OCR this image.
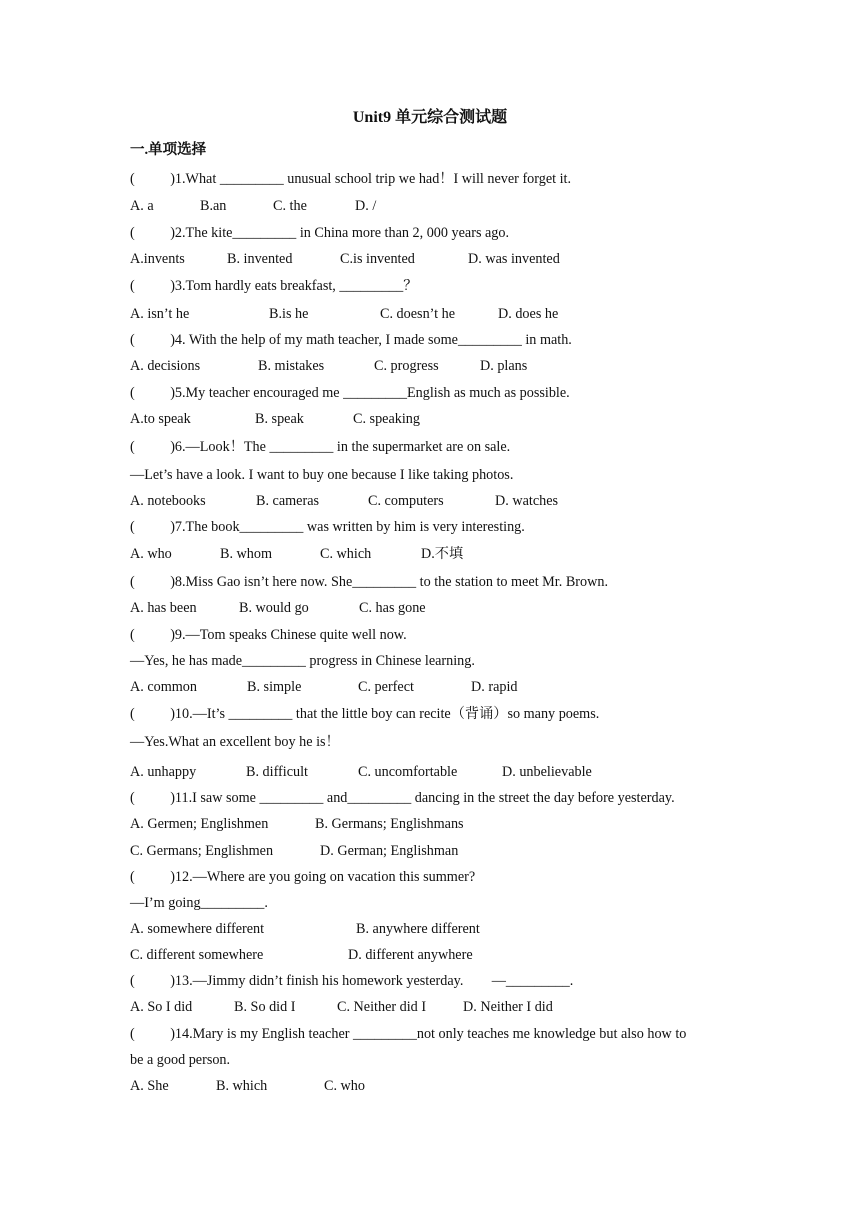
Unit9 单元综合测试题
一.单项选择
(          )1.What _________ unusual school trip we had！I will never forget it.
A. a	B.an	C. the	D. /
(          )2.The kite_________ in China more than 2, 000 years ago.
A.invents	B. invented	C.is invented	D. was invented
(          )3.Tom hardly eats breakfast, _________？
A. isn’t he	B.is he	C. doesn’t he	D. does he
(          )4. With the help of my math teacher, I made some_________ in math.
A. decisions	B. mistakes	C. progress	D. plans
(          )5.My teacher encouraged me _________English as much as possible.
A.to speak	B. speak	C. speaking
(          )6.—Look！The _________ in the supermarket are on sale.
—Let’s have a look. I want to buy one because I like taking photos.
A. notebooks	B. cameras	C. computers	D. watches
(          )7.The book_________ was written by him is very interesting.
A. who	B. whom	C. which	D.不填
(          )8.Miss Gao isn’t here now. She_________ to the station to meet Mr. Brown.
A. has been	B. would go	C. has gone
(          )9.—Tom speaks Chinese quite well now.
—Yes, he has made_________ progress in Chinese learning.
A. common	B. simple	C. perfect	D. rapid
(          )10.—It’s _________ that the little boy can recite（背诵）so many poems.
—Yes.What an excellent boy he is！
A. unhappy	B. difficult	C. uncomfortable	D. unbelievable
(          )11.I saw some _________ and_________ dancing in the street the day before yesterday.
A. Germen; Englishmen	B. Germans; Englishmans
C. Germans; Englishmen	D. German; Englishman
(          )12.—Where are you going on vacation this summer?
—I’m going_________.
A. somewhere different	B. anywhere different
C. different somewhere	D. different anywhere
(          )13.—Jimmy didn’t finish his homework yesterday.        —_________.
A. So I did	B. So did I	C. Neither did I	D. Neither I did
(          )14.Mary is my English teacher _________not only teaches me knowledge but also how to
be a good person.
A. She	B. which	C. who
